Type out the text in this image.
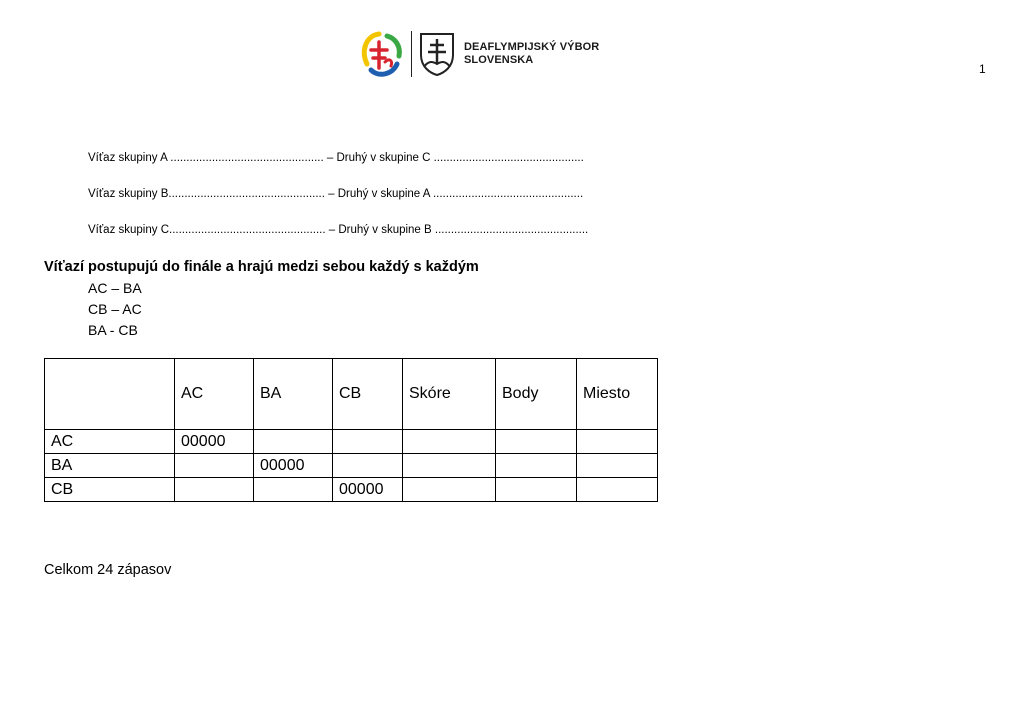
DEAFLYMPIJSKÝ VÝBOR
SLOVENSKA
1
Víťaz skupiny A ................................................ – Druhý v skupine C ...............................................
Víťaz skupiny B................................................. – Druhý v skupine A ...............................................
Víťaz skupiny C................................................. – Druhý v skupine B ................................................
Víťazí postupujú do finále a hrajú medzi sebou každý s každým
AC – BA
CB – AC
BA - CB
	AC	BA	CB	Skóre	Body	Miesto
AC	00000					
BA		00000				
CB			00000			
Celkom 24 zápasov
